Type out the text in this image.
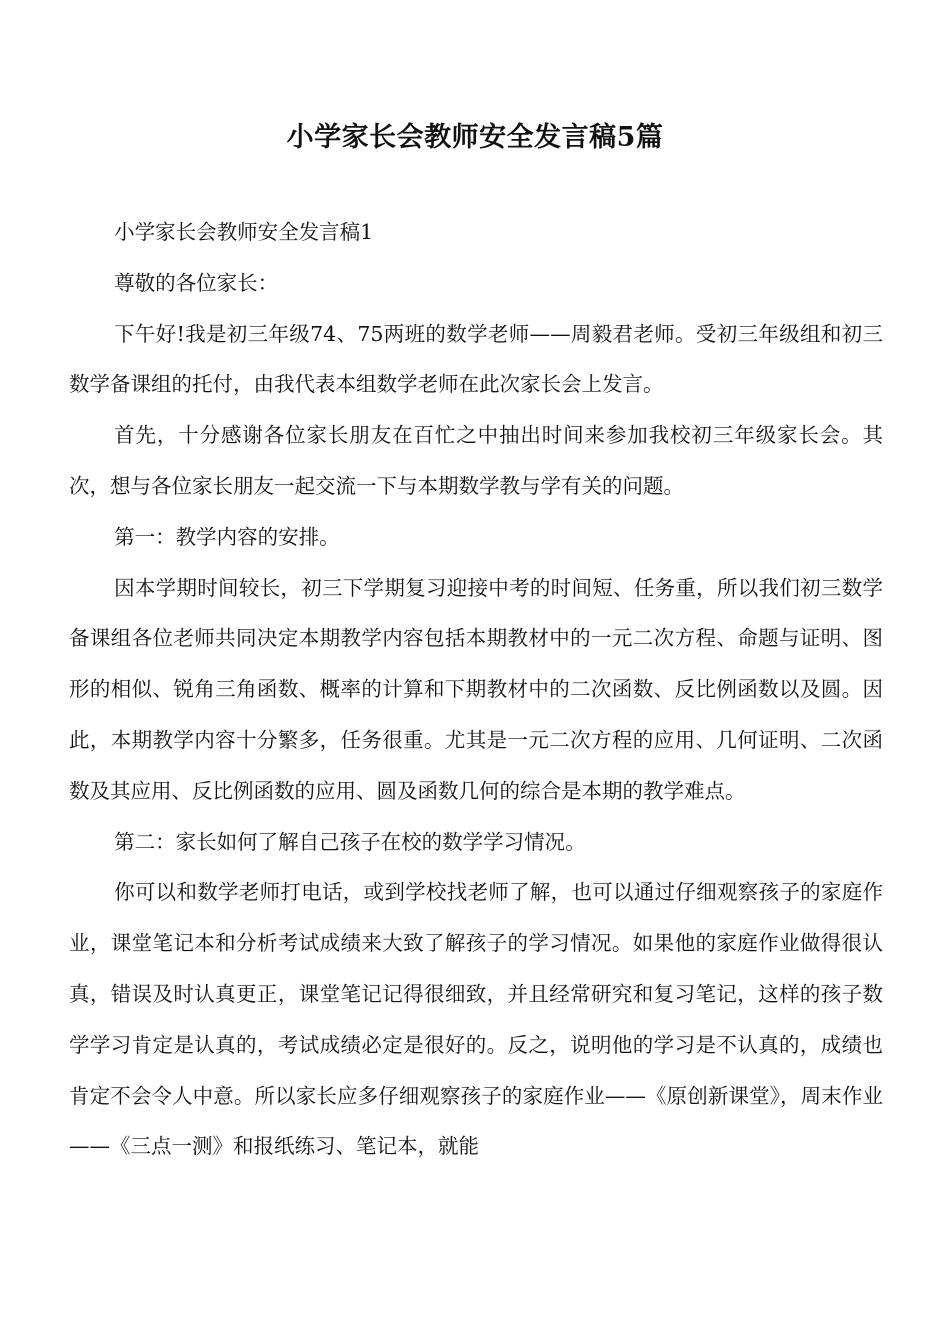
小学家长会教师安全发言稿5篇

小学家长会教师安全发言稿1

尊敬的各位家长：

下午好!我是初三年级74、75两班的数学老师——周毅君老师。受初三年级组和初三数学备课组的托付，由我代表本组数学老师在此次家长会上发言。

首先，十分感谢各位家长朋友在百忙之中抽出时间来参加我校初三年级家长会。其次，想与各位家长朋友一起交流一下与本期数学教与学有关的问题。

第一：教学内容的安排。

因本学期时间较长，初三下学期复习迎接中考的时间短、任务重，所以我们初三数学备课组各位老师共同决定本期教学内容包括本期教材中的一元二次方程、命题与证明、图形的相似、锐角三角函数、概率的计算和下期教材中的二次函数、反比例函数以及圆。因此，本期教学内容十分繁多，任务很重。尤其是一元二次方程的应用、几何证明、二次函数及其应用、反比例函数的应用、圆及函数几何的综合是本期的教学难点。

第二：家长如何了解自己孩子在校的数学学习情况。

你可以和数学老师打电话，或到学校找老师了解，也可以通过仔细观察孩子的家庭作业，课堂笔记本和分析考试成绩来大致了解孩子的学习情况。如果他的家庭作业做得很认真，错误及时认真更正，课堂笔记记得很细致，并且经常研究和复习笔记，这样的孩子数学学习肯定是认真的，考试成绩必定是很好的。反之，说明他的学习是不认真的，成绩也肯定不会令人中意。所以家长应多仔细观察孩子的家庭作业——《原创新课堂》，周末作业——《三点一测》和报纸练习、笔记本，就能
